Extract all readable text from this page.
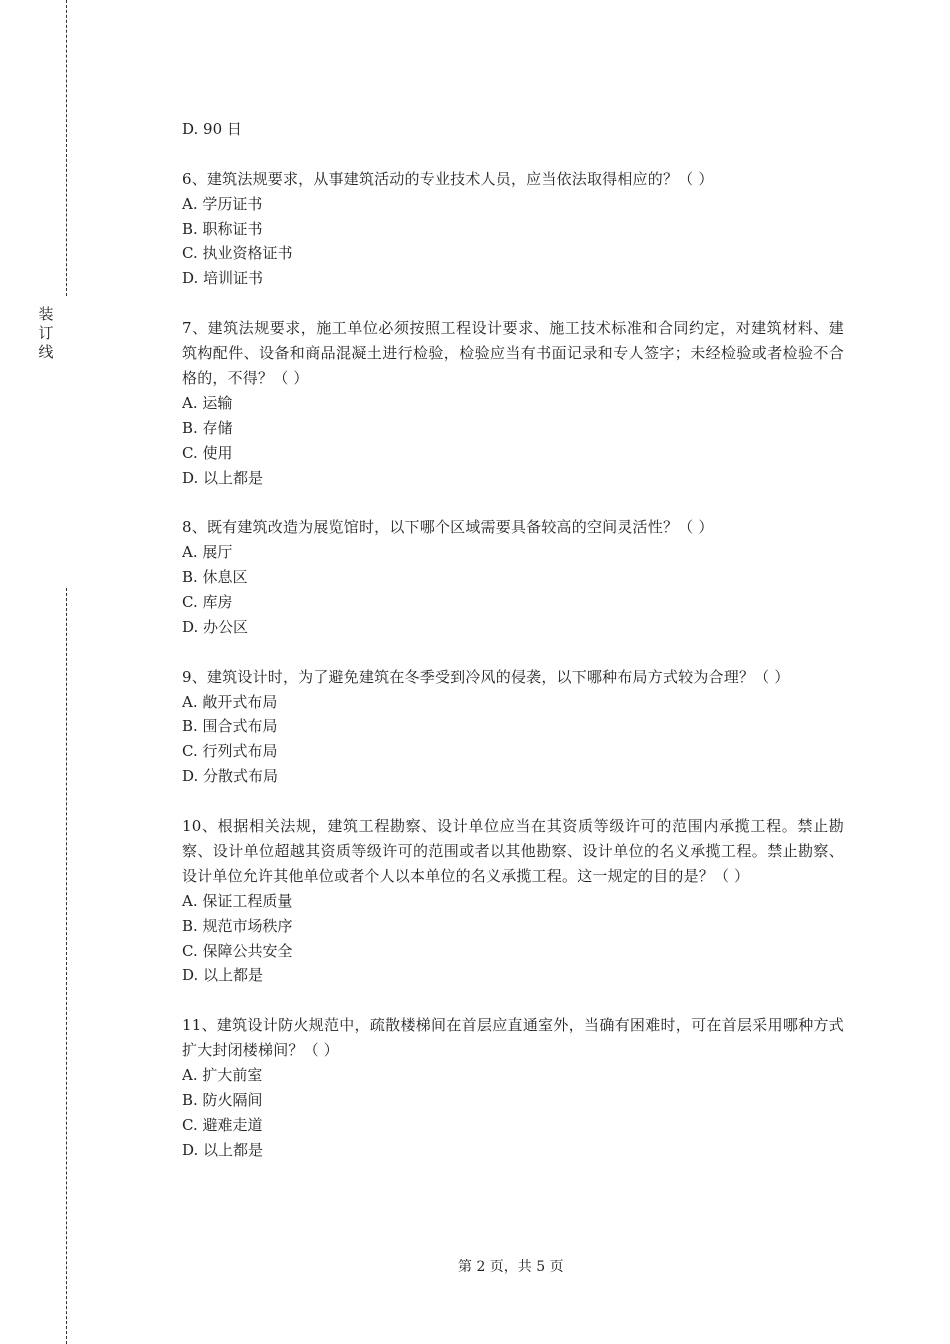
装
订
线
D. 90 日
6、建筑法规要求，从事建筑活动的专业技术人员，应当依法取得相应的？（ ）
A. 学历证书
B. 职称证书
C. 执业资格证书
D. 培训证书
7、建筑法规要求，施工单位必须按照工程设计要求、施工技术标准和合同约定，对建筑材料、建筑构配件、设备和商品混凝土进行检验，检验应当有书面记录和专人签字；未经检验或者检验不合格的，不得？（ ）
A. 运输
B. 存储
C. 使用
D. 以上都是
8、既有建筑改造为展览馆时，以下哪个区域需要具备较高的空间灵活性？（ ）
A. 展厅
B. 休息区
C. 库房
D. 办公区
9、建筑设计时，为了避免建筑在冬季受到冷风的侵袭，以下哪种布局方式较为合理？（ ）
A. 敞开式布局
B. 围合式布局
C. 行列式布局
D. 分散式布局
10、根据相关法规，建筑工程勘察、设计单位应当在其资质等级许可的范围内承揽工程。禁止勘察、设计单位超越其资质等级许可的范围或者以其他勘察、设计单位的名义承揽工程。禁止勘察、设计单位允许其他单位或者个人以本单位的名义承揽工程。这一规定的目的是？（ ）
A. 保证工程质量
B. 规范市场秩序
C. 保障公共安全
D. 以上都是
11、建筑设计防火规范中，疏散楼梯间在首层应直通室外，当确有困难时，可在首层采用哪种方式扩大封闭楼梯间？（ ）
A. 扩大前室
B. 防火隔间
C. 避难走道
D. 以上都是
第 2 页，共 5 页
